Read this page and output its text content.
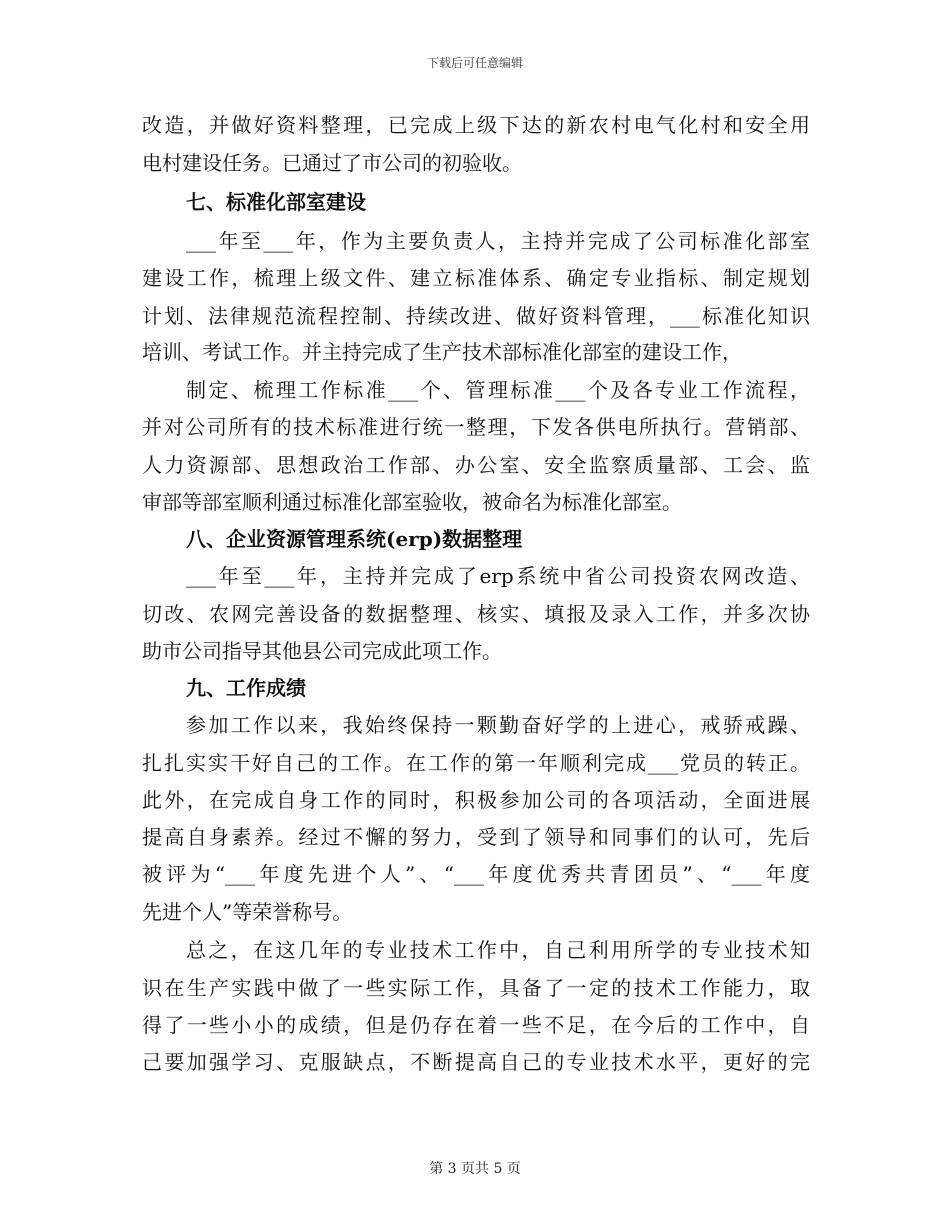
下载后可任意编辑
改造，并做好资料整理，已完成上级下达的新农村电气化村和安全用
电村建设任务。已通过了市公司的初验收。
七、标准化部室建设
___年至___年，作为主要负责人，主持并完成了公司标准化部室
建设工作，梳理上级文件、建立标准体系、确定专业指标、制定规划
计划、法律规范流程控制、持续改进、做好资料管理，___标准化知识
培训、考试工作。并主持完成了生产技术部标准化部室的建设工作，
制定、梳理工作标准___个、管理标准___个及各专业工作流程，
并对公司所有的技术标准进行统一整理，下发各供电所执行。营销部、
人力资源部、思想政治工作部、办公室、安全监察质量部、工会、监
审部等部室顺利通过标准化部室验收，被命名为标准化部室。
八、企业资源管理系统(erp)数据整理
___年至___年，主持并完成了erp系统中省公司投资农网改造、
切改、农网完善设备的数据整理、核实、填报及录入工作，并多次协
助市公司指导其他县公司完成此项工作。
九、工作成绩
参加工作以来，我始终保持一颗勤奋好学的上进心，戒骄戒躁、
扎扎实实干好自己的工作。在工作的第一年顺利完成___党员的转正。
此外，在完成自身工作的同时，积极参加公司的各项活动，全面进展
提高自身素养。经过不懈的努力，受到了领导和同事们的认可，先后
被评为“___年度先进个人”、“___年度优秀共青团员”、“___年度
先进个人”等荣誉称号。
总之，在这几年的专业技术工作中，自己利用所学的专业技术知
识在生产实践中做了一些实际工作，具备了一定的技术工作能力，取
得了一些小小的成绩，但是仍存在着一些不足，在今后的工作中，自
己要加强学习、克服缺点，不断提高自己的专业技术水平，更好的完
第 3 页共 5 页
